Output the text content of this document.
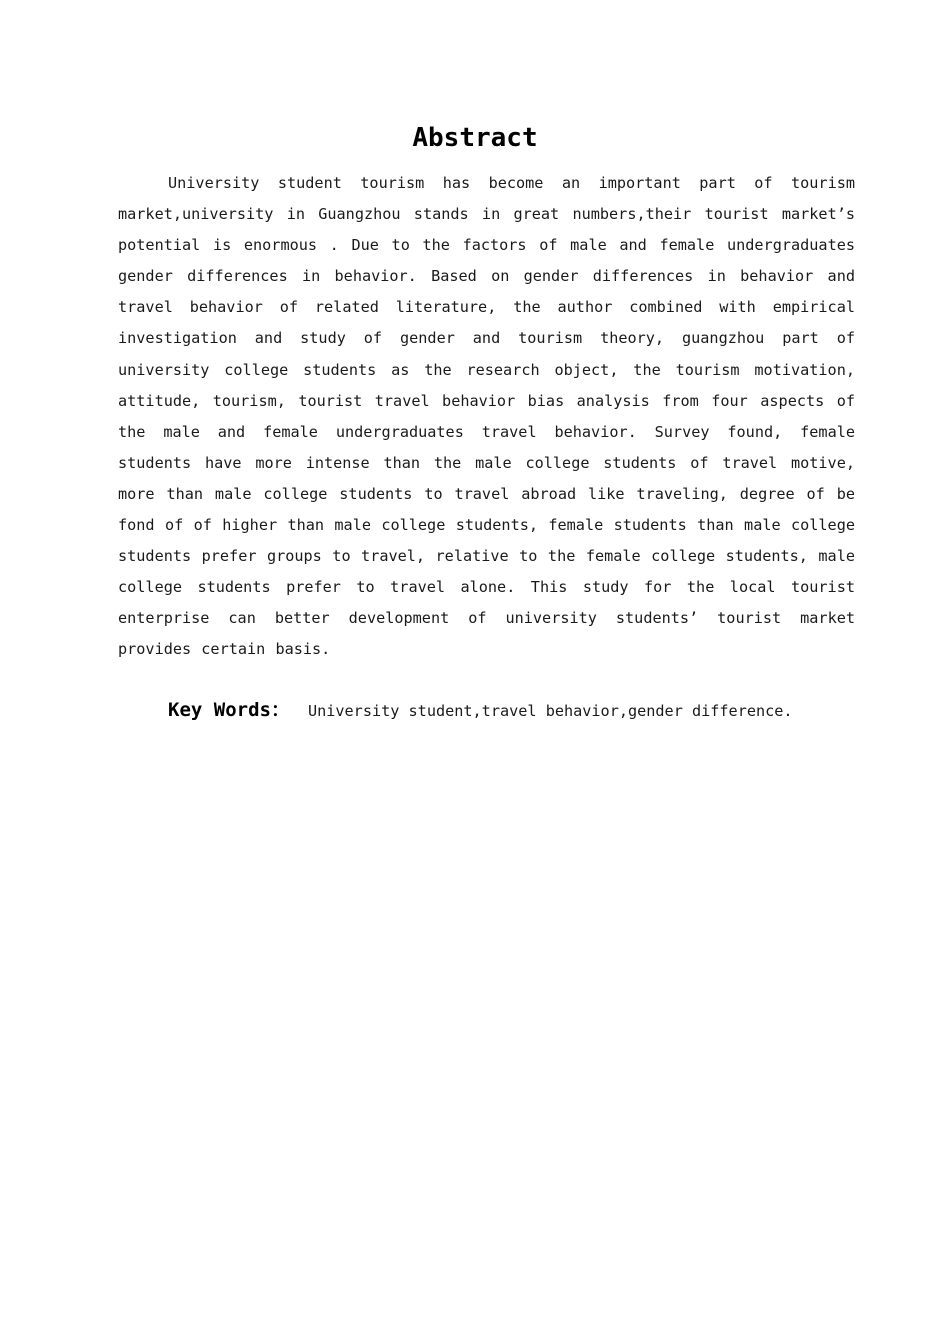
Abstract

University student tourism has become an important part of tourism market,university in Guangzhou stands in great numbers,their tourist market’s potential is enormous . Due to the factors of male and female undergraduates gender differences in behavior. Based on gender differences in behavior and travel behavior of related literature, the author combined with empirical investigation and study of gender and tourism theory, guangzhou part of university college students as the research object, the tourism motivation, attitude, tourism, tourist travel behavior bias analysis from four aspects of the male and female undergraduates travel behavior. Survey found, female students have more intense than the male college students of travel motive, more than male college students to travel abroad like traveling, degree of be fond of of higher than male college students, female students than male college students prefer groups to travel, relative to the female college students, male college students prefer to travel alone. This study for the local tourist enterprise can better development of university students’ tourist market provides certain basis.

Key Words： University student,travel behavior,gender difference.
